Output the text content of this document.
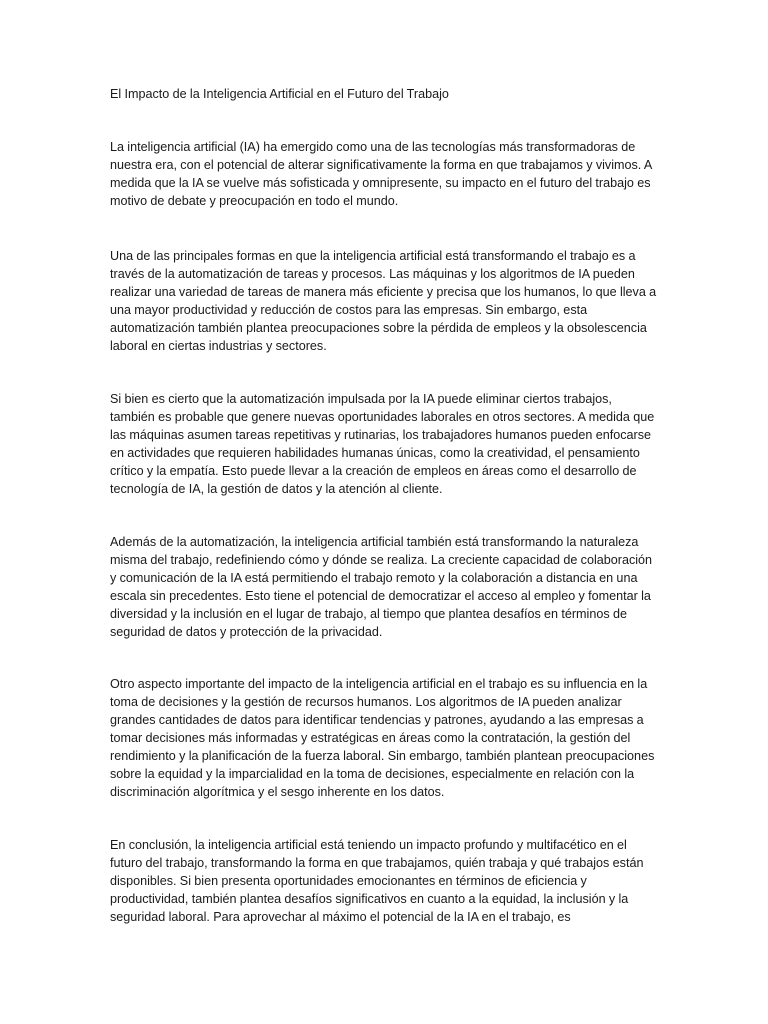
El Impacto de la Inteligencia Artificial en el Futuro del Trabajo

La inteligencia artificial (IA) ha emergido como una de las tecnologías más transformadoras de nuestra era, con el potencial de alterar significativamente la forma en que trabajamos y vivimos. A medida que la IA se vuelve más sofisticada y omnipresente, su impacto en el futuro del trabajo es motivo de debate y preocupación en todo el mundo.

Una de las principales formas en que la inteligencia artificial está transformando el trabajo es a través de la automatización de tareas y procesos. Las máquinas y los algoritmos de IA pueden realizar una variedad de tareas de manera más eficiente y precisa que los humanos, lo que lleva a una mayor productividad y reducción de costos para las empresas. Sin embargo, esta automatización también plantea preocupaciones sobre la pérdida de empleos y la obsolescencia laboral en ciertas industrias y sectores.

Si bien es cierto que la automatización impulsada por la IA puede eliminar ciertos trabajos, también es probable que genere nuevas oportunidades laborales en otros sectores. A medida que las máquinas asumen tareas repetitivas y rutinarias, los trabajadores humanos pueden enfocarse en actividades que requieren habilidades humanas únicas, como la creatividad, el pensamiento crítico y la empatía. Esto puede llevar a la creación de empleos en áreas como el desarrollo de tecnología de IA, la gestión de datos y la atención al cliente.

Además de la automatización, la inteligencia artificial también está transformando la naturaleza misma del trabajo, redefiniendo cómo y dónde se realiza. La creciente capacidad de colaboración y comunicación de la IA está permitiendo el trabajo remoto y la colaboración a distancia en una escala sin precedentes. Esto tiene el potencial de democratizar el acceso al empleo y fomentar la diversidad y la inclusión en el lugar de trabajo, al tiempo que plantea desafíos en términos de seguridad de datos y protección de la privacidad.

Otro aspecto importante del impacto de la inteligencia artificial en el trabajo es su influencia en la toma de decisiones y la gestión de recursos humanos. Los algoritmos de IA pueden analizar grandes cantidades de datos para identificar tendencias y patrones, ayudando a las empresas a tomar decisiones más informadas y estratégicas en áreas como la contratación, la gestión del rendimiento y la planificación de la fuerza laboral. Sin embargo, también plantean preocupaciones sobre la equidad y la imparcialidad en la toma de decisiones, especialmente en relación con la discriminación algorítmica y el sesgo inherente en los datos.

En conclusión, la inteligencia artificial está teniendo un impacto profundo y multifacético en el futuro del trabajo, transformando la forma en que trabajamos, quién trabaja y qué trabajos están disponibles. Si bien presenta oportunidades emocionantes en términos de eficiencia y productividad, también plantea desafíos significativos en cuanto a la equidad, la inclusión y la seguridad laboral. Para aprovechar al máximo el potencial de la IA en el trabajo, es
